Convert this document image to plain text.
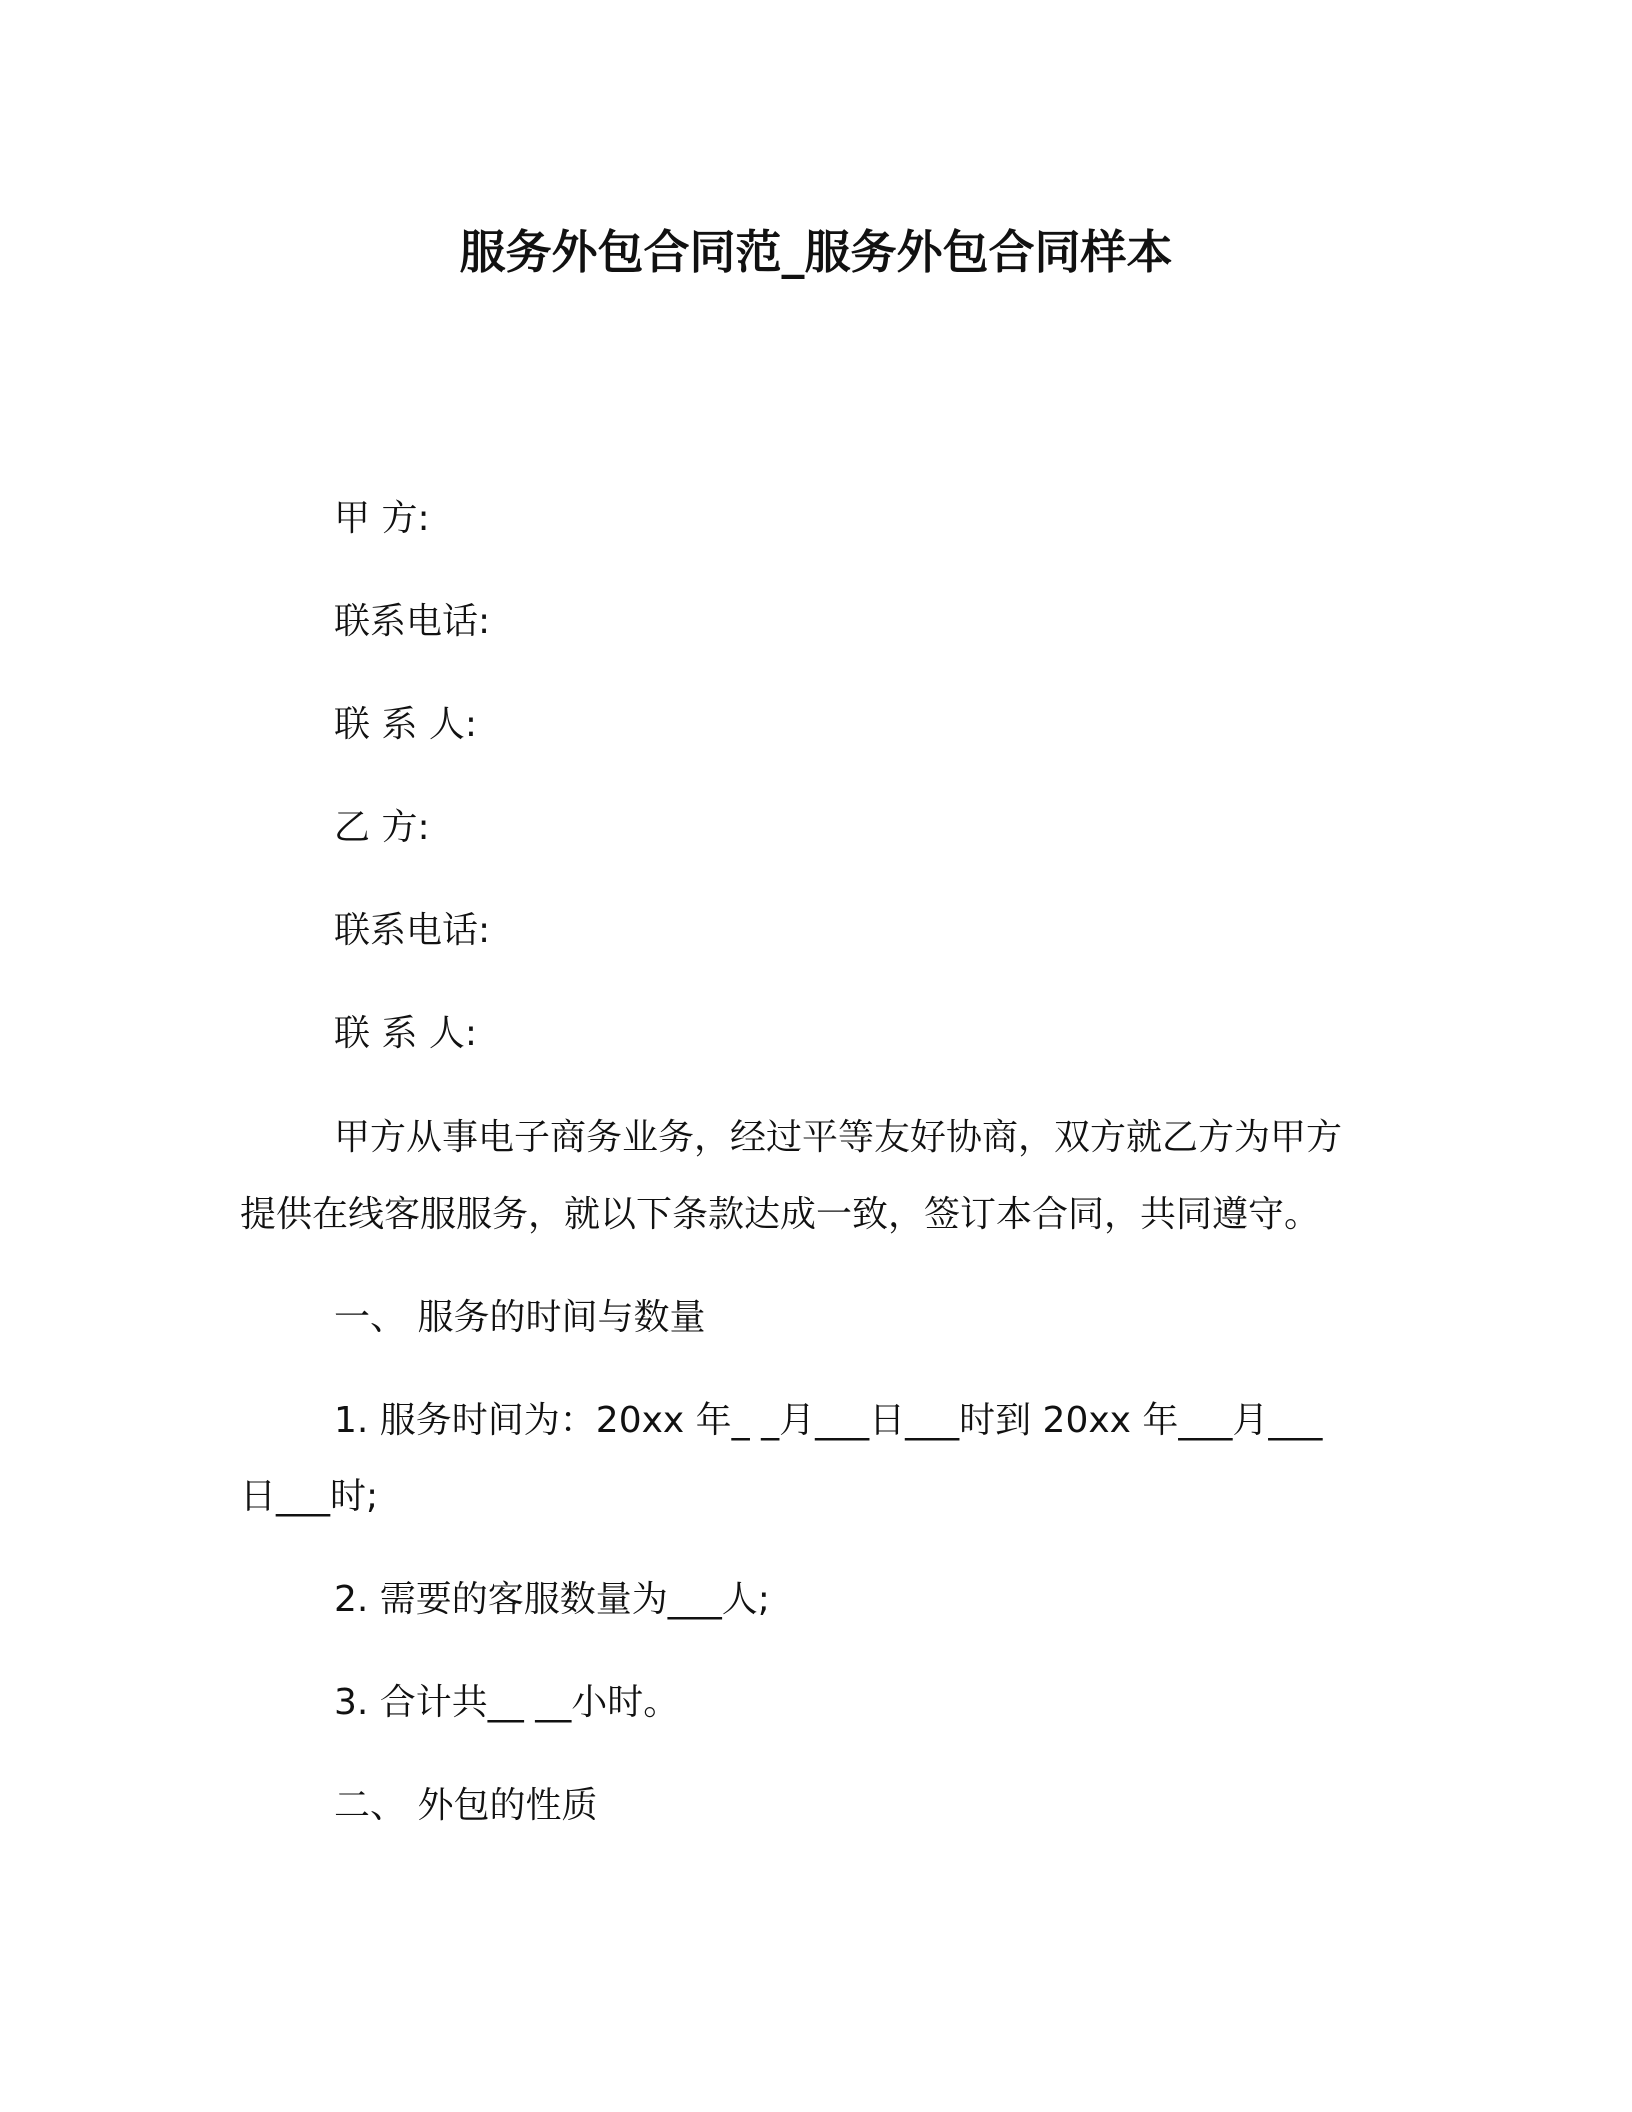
服务外包合同范_服务外包合同样本
甲 方:
联系电话:
联 系 人:
乙 方:
联系电话:
联 系 人:
甲方从事电子商务业务，经过平等友好协商，双方就乙方为甲方
提供在线客服服务，就以下条款达成一致，签订本合同，共同遵守。
一、 服务的时间与数量
1. 服务时间为：20xx 年_ _月___日___时到 20xx 年___月___
日___时;
2. 需要的客服数量为___人;
3. 合计共__ __小时。
二、 外包的性质
